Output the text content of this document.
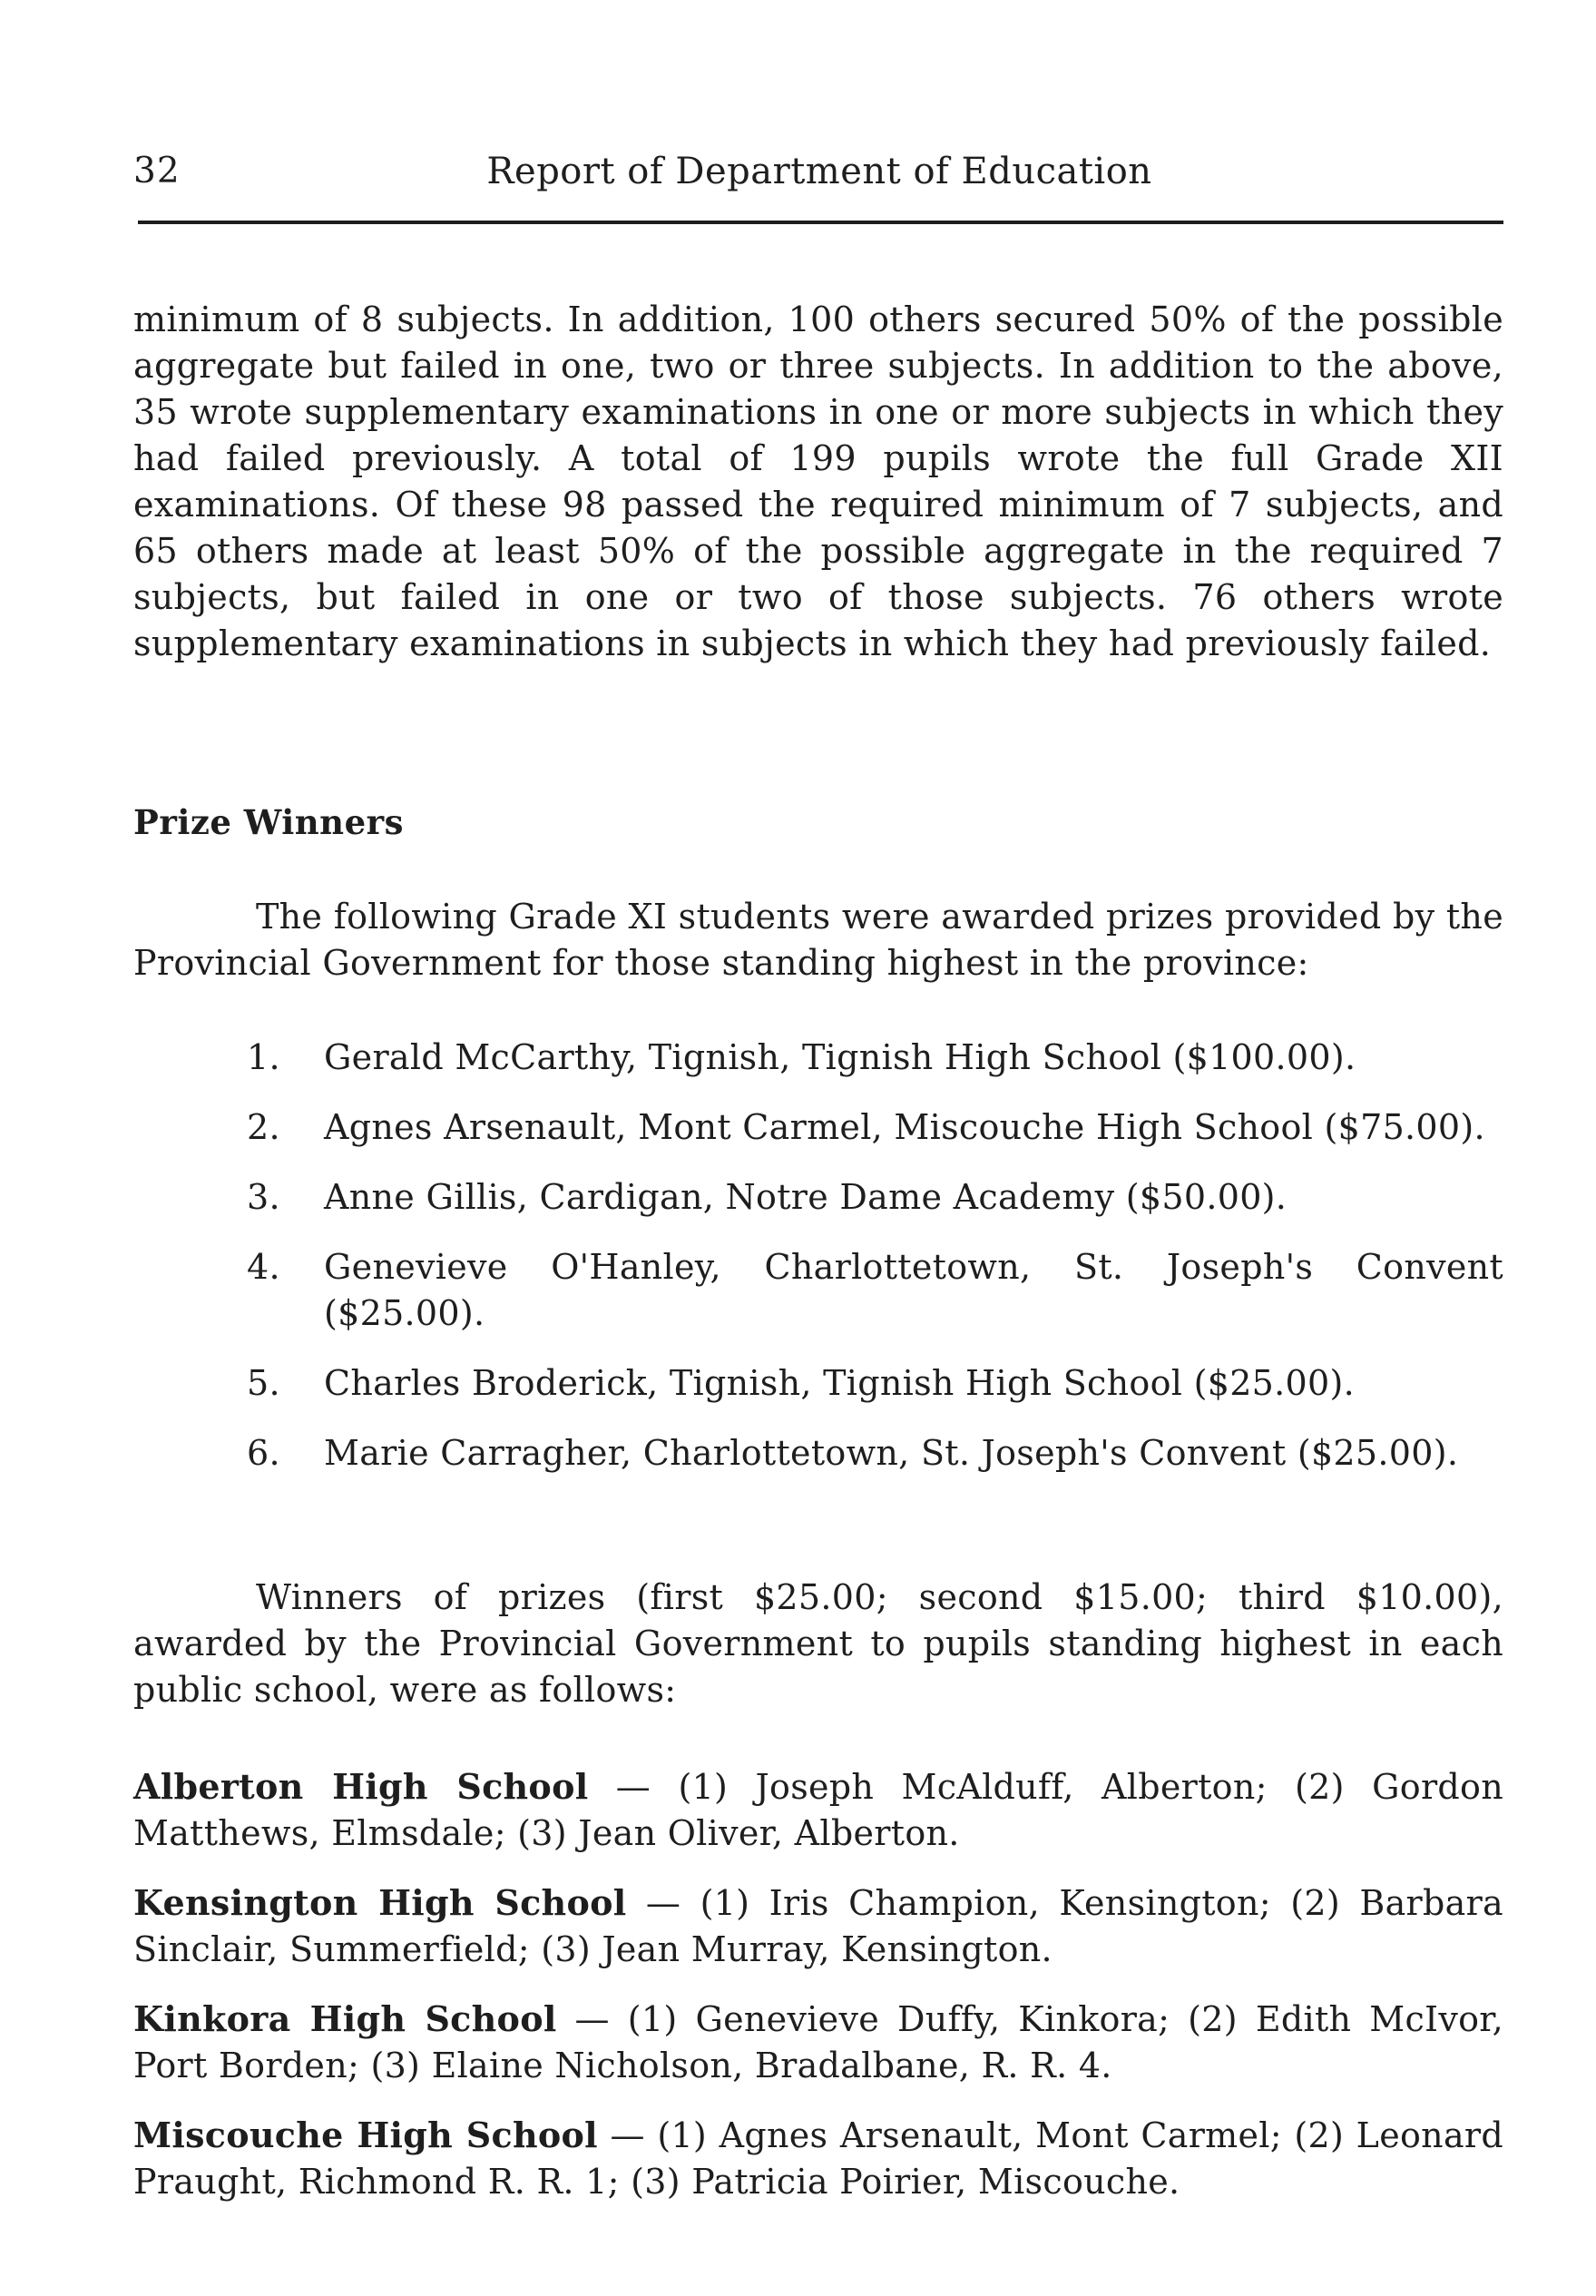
32	Report of Department of Education

minimum of 8 subjects. In addition, 100 others secured 50% of the possible aggregate but failed in one, two or three subjects. In addition to the above, 35 wrote supplementary examinations in one or more subjects in which they had failed previously. A total of 199 pupils wrote the full Grade XII examinations. Of these 98 passed the required minimum of 7 subjects, and 65 others made at least 50% of the possible aggregate in the required 7 subjects, but failed in one or two of those subjects. 76 others wrote supplementary examinations in subjects in which they had previously failed.

Prize Winners

The following Grade XI students were awarded prizes provided by the Provincial Government for those standing highest in the province:

1. Gerald McCarthy, Tignish, Tignish High School ($100.00).
2. Agnes Arsenault, Mont Carmel, Miscouche High School ($75.00).
3. Anne Gillis, Cardigan, Notre Dame Academy ($50.00).
4. Genevieve O'Hanley, Charlottetown, St. Joseph's Convent ($25.00).
5. Charles Broderick, Tignish, Tignish High School ($25.00).
6. Marie Carragher, Charlottetown, St. Joseph's Convent ($25.00).

Winners of prizes (first $25.00; second $15.00; third $10.00), awarded by the Provincial Government to pupils standing highest in each public school, were as follows:

Alberton High School — (1) Joseph McAlduff, Alberton; (2) Gordon Matthews, Elmsdale; (3) Jean Oliver, Alberton.

Kensington High School — (1) Iris Champion, Kensington; (2) Barbara Sinclair, Summerfield; (3) Jean Murray, Kensington.

Kinkora High School — (1) Genevieve Duffy, Kinkora; (2) Edith McIvor, Port Borden; (3) Elaine Nicholson, Bradalbane, R. R. 4.

Miscouche High School — (1) Agnes Arsenault, Mont Carmel; (2) Leonard Praught, Richmond R. R. 1; (3) Patricia Poirier, Miscouche.
